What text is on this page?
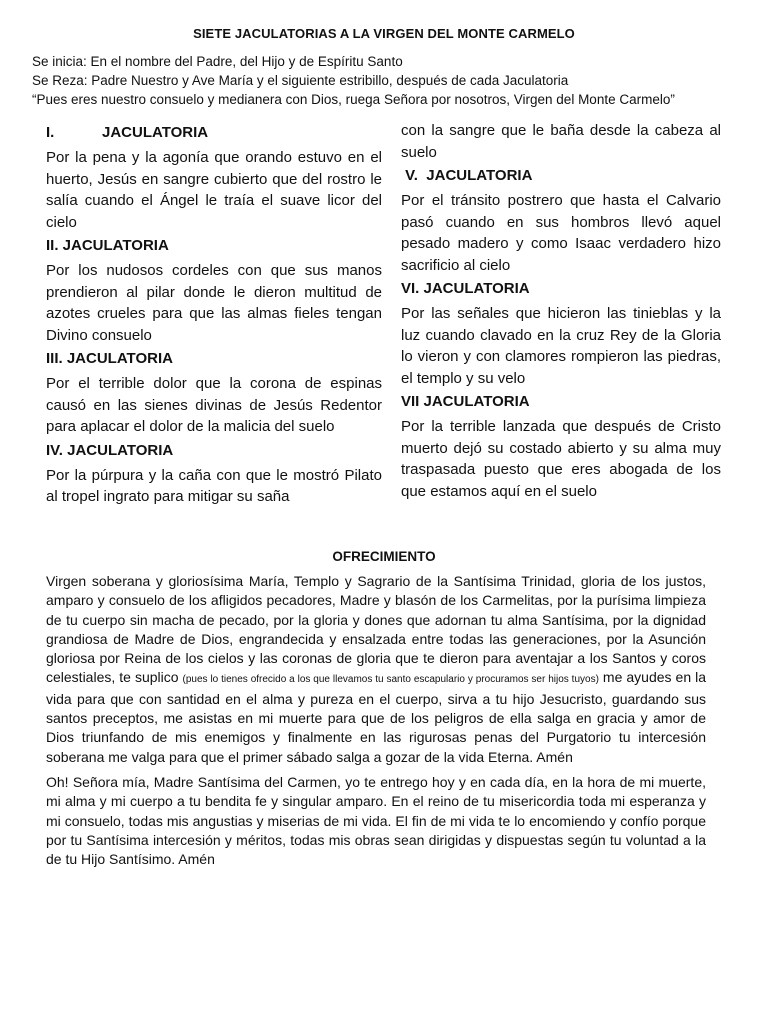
SIETE JACULATORIAS A LA VIRGEN DEL MONTE CARMELO
Se inicia: En el nombre del Padre, del Hijo y de Espíritu Santo
Se Reza: Padre Nuestro y Ave María y el siguiente estribillo, después de cada Jaculatoria
“Pues eres nuestro consuelo y medianera con Dios, ruega Señora por nosotros, Virgen del Monte Carmelo”
I.	JACULATORIA
Por la pena y la agonía que orando estuvo en el huerto, Jesús en sangre cubierto que del rostro le salía cuando el Ángel le traía el suave licor del cielo
II. JACULATORIA
Por los nudosos cordeles con que sus manos prendieron al pilar donde le dieron multitud de azotes crueles para que las almas fieles tengan Divino consuelo
III. JACULATORIA
Por el terrible dolor que la corona de espinas causó en las sienes divinas de Jesús Redentor para aplacar el dolor de la malicia del suelo
IV. JACULATORIA
Por la púrpura y la caña con que le mostró Pilato al tropel ingrato para mitigar su saña
con la sangre que le baña desde la cabeza al suelo
V.  JACULATORIA
Por el tránsito postrero que hasta el Calvario pasó cuando en sus hombros llevó aquel pesado madero y como Isaac verdadero hizo sacrificio al cielo
VI. JACULATORIA
Por las señales que hicieron las tinieblas y la luz cuando clavado en la cruz Rey de la Gloria lo vieron y con clamores rompieron las piedras, el templo y su velo
VII JACULATORIA
Por la terrible lanzada que después de Cristo muerto dejó su costado abierto y su alma muy traspasada puesto que eres abogada de los que estamos aquí en el suelo
OFRECIMIENTO

Virgen soberana y gloriosísima María, Templo y Sagrario de la Santísima Trinidad, gloria de los justos, amparo y consuelo de los afligidos pecadores, Madre y blasón de los Carmelitas, por la purísima limpieza de tu cuerpo sin macha de pecado, por la gloria y dones que adornan tu alma Santísima, por la dignidad grandiosa de Madre de Dios, engrandecida y ensalzada entre todas las generaciones, por la Asunción gloriosa por Reina de los cielos y las coronas de gloria que te dieron para aventajar a los Santos y coros celestiales, te suplico (pues lo tienes ofrecido a los que llevamos tu santo escapulario y procuramos ser hijos tuyos) me ayudes en la vida para que con santidad en el alma y pureza en el cuerpo, sirva a tu hijo Jesucristo, guardando sus santos preceptos, me asistas en mi muerte para que de los peligros de ella salga en gracia y amor de Dios triunfando de mis enemigos y finalmente en las rigurosas penas del Purgatorio tu intercesión soberana me valga para que el primer sábado salga a gozar de la vida Eterna. Amén

Oh! Señora mía, Madre Santísima del Carmen, yo te entrego hoy y en cada día, en la hora de mi muerte, mi alma y mi cuerpo a tu bendita fe y singular amparo. En el reino de tu misericordia toda mi esperanza y mi consuelo, todas mis angustias y miserias de mi vida. El fin de mi vida te lo encomiendo y confío porque por tu Santísima intercesión y méritos, todas mis obras sean dirigidas y dispuestas según tu voluntad a la de tu Hijo Santísimo. Amén
